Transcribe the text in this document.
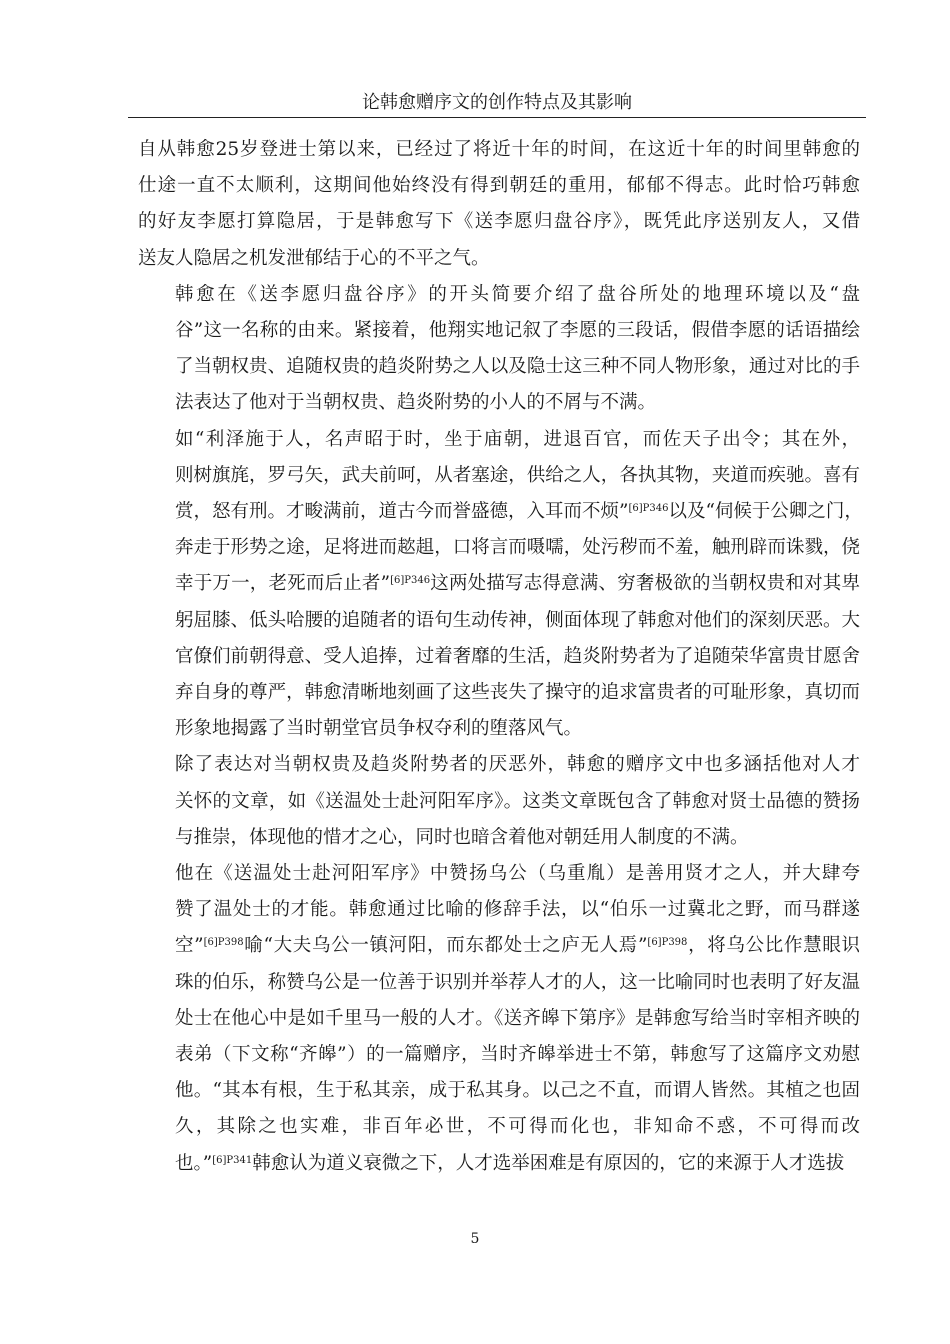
论韩愈赠序文的创作特点及其影响

自从韩愈25岁登进士第以来，已经过了将近十年的时间，在这近十年的时间里韩愈的
仕途一直不太顺利，这期间他始终没有得到朝廷的重用，郁郁不得志。此时恰巧韩愈
的好友李愿打算隐居，于是韩愈写下《送李愿归盘谷序》，既凭此序送别友人，又借
送友人隐居之机发泄郁结于心的不平之气。

韩愈在《送李愿归盘谷序》的开头简要介绍了盘谷所处的地理环境以及“盘
谷”这一名称的由来。紧接着，他翔实地记叙了李愿的三段话，假借李愿的话语描绘
了当朝权贵、追随权贵的趋炎附势之人以及隐士这三种不同人物形象，通过对比的手
法表达了他对于当朝权贵、趋炎附势的小人的不屑与不满。

如“利泽施于人，名声昭于时，坐于庙朝，进退百官，而佐天子出令；其在外，
则树旗旄，罗弓矢，武夫前呵，从者塞途，供给之人，各执其物，夹道而疾驰。喜有
赏，怒有刑。才畯满前，道古今而誉盛德，入耳而不烦”$^{[6]P346}$以及“伺候于公卿之门，
奔走于形势之途，足将进而趑趄，口将言而嗫嚅，处污秽而不羞，触刑辟而诛戮，侥
幸于万一，老死而后止者”$^{[6]P346}$这两处描写志得意满、穷奢极欲的当朝权贵和对其卑
躬屈膝、低头哈腰的追随者的语句生动传神，侧面体现了韩愈对他们的深刻厌恶。大
官僚们前朝得意、受人追捧，过着奢靡的生活，趋炎附势者为了追随荣华富贵甘愿舍
弃自身的尊严，韩愈清晰地刻画了这些丧失了操守的追求富贵者的可耻形象，真切而
形象地揭露了当时朝堂官员争权夺利的堕落风气。

除了表达对当朝权贵及趋炎附势者的厌恶外，韩愈的赠序文中也多涵括他对人才
关怀的文章，如《送温处士赴河阳军序》。这类文章既包含了韩愈对贤士品德的赞扬
与推崇，体现他的惜才之心，同时也暗含着他对朝廷用人制度的不满。

他在《送温处士赴河阳军序》中赞扬乌公（乌重胤）是善用贤才之人，并大肆夸
赞了温处士的才能。韩愈通过比喻的修辞手法，以“伯乐一过冀北之野，而马群遂
空”$^{[6]P398}$喻“大夫乌公一镇河阳，而东都处士之庐无人焉”$^{[6]P398}$，将乌公比作慧眼识
珠的伯乐，称赞乌公是一位善于识别并举荐人才的人，这一比喻同时也表明了好友温
处士在他心中是如千里马一般的人才。《送齐皞下第序》是韩愈写给当时宰相齐映的
表弟（下文称“齐皞”）的一篇赠序，当时齐皞举进士不第，韩愈写了这篇序文劝慰
他。“其本有根，生于私其亲，成于私其身。以己之不直，而谓人皆然。其植之也固
久，其除之也实难，非百年必世，不可得而化也，非知命不惑，不可得而改
也。”$^{[6]P341}$韩愈认为道义衰微之下，人才选举困难是有原因的，它的来源于人才选拔

5
